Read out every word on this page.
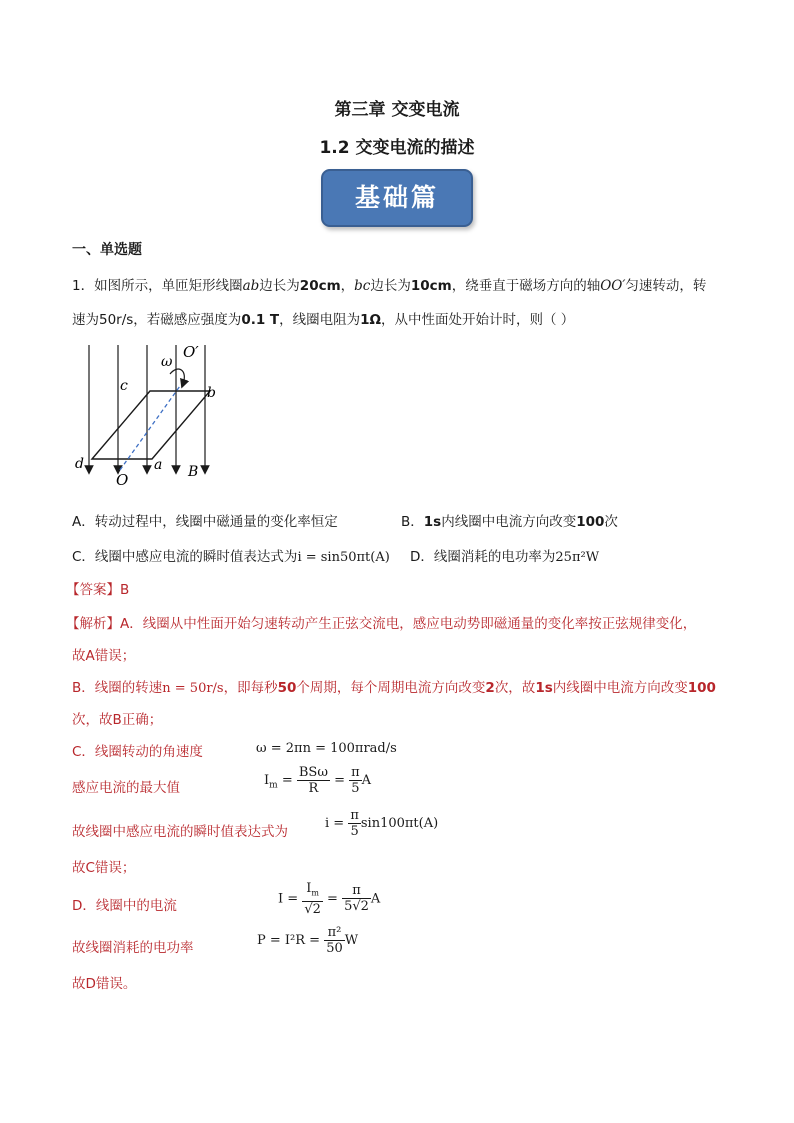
第三章 交变电流
1.2 交变电流的描述
基础篇
一、单选题
1．如图所示，单匝矩形线圈ab边长为20cm，bc边长为10cm，绕垂直于磁场方向的轴OO′匀速转动，转
速为50r/s，若磁感应强度为0.1 T，线圈电阻为1Ω，从中性面处开始计时，则（ ）
ω
O′
c	b
d	a B
O
A．转动过程中，线圈中磁通量的变化率恒定	B．1s内线圈中电流方向改变100次
C．线圈中感应电流的瞬时值表达式为i = sin50πt(A) D．线圈消耗的电功率为25π²W
【答案】B
【解析】A．线圈从中性面开始匀速转动产生正弦交流电，感应电动势即磁通量的变化率按正弦规律变化，
故A错误；
B．线圈的转速n = 50r/s，即每秒50个周期，每个周期电流方向改变2次，故1s内线圈中电流方向改变100
次，故B正确；
C．线圈转动的角速度	ω = 2πn = 100πrad/s
感应电流的最大值	$I_m = \frac{\text{BSω}}{R} = \frac{\pi}{5}$ A
故线圈中感应电流的瞬时值表达式为
$i = \frac{\pi}{5} \sin 100\pi t(A)$
故C错误；
D．线圈中的电流	$I = \frac{I_m}{√2} = \frac{\pi}{5√2}$ A
故线圈消耗的电功率	$P = I^2R = \frac{\text{π²}}{50}$ W
故D错误。
